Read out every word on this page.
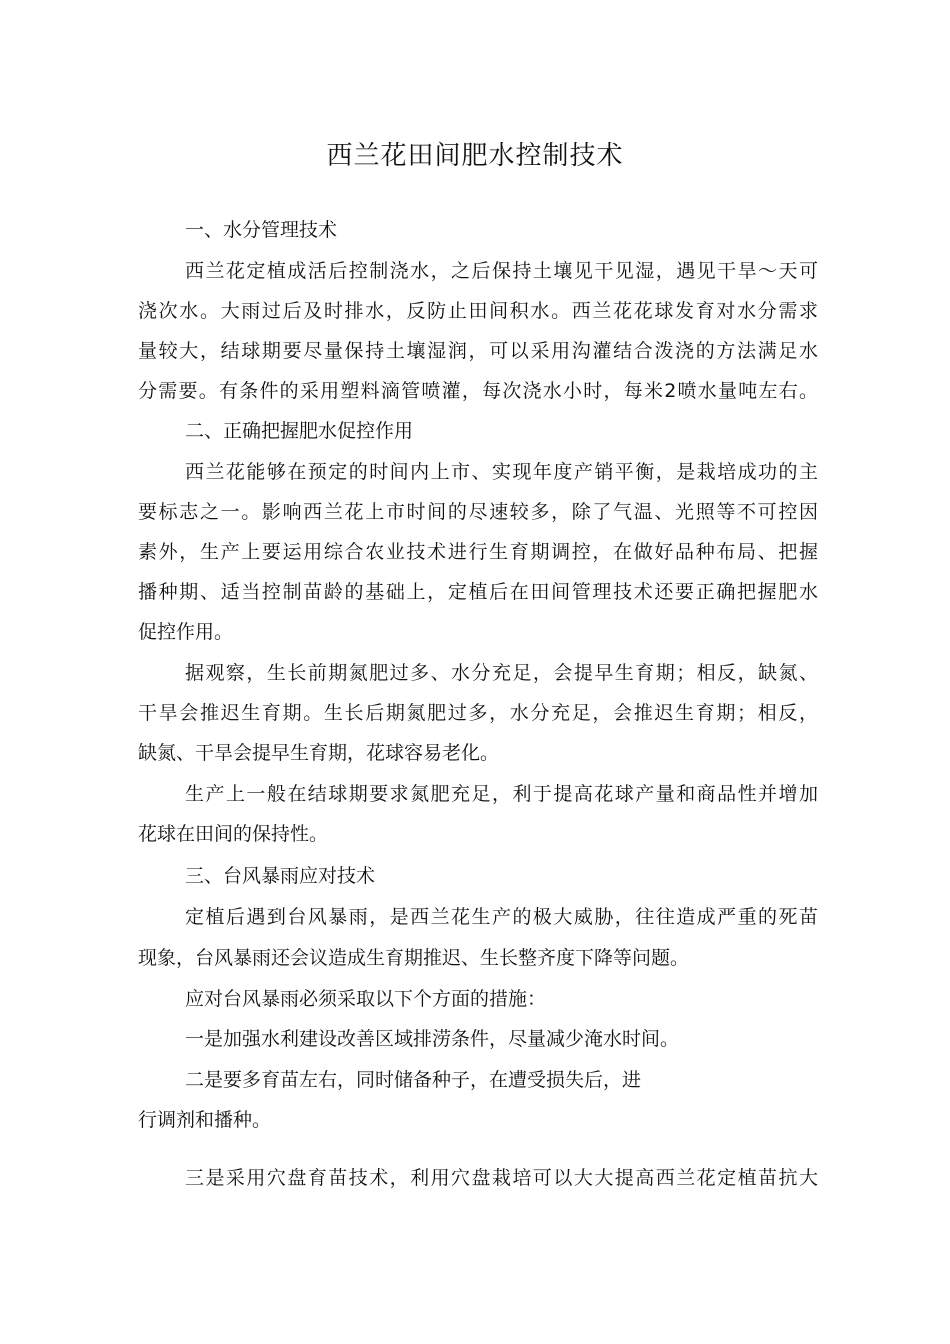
西兰花田间肥水控制技术
一、水分管理技术
西兰花定植成活后控制浇水，之后保持土壤见干见湿，遇见干旱～天可
浇次水。大雨过后及时排水，反防止田间积水。西兰花花球发育对水分需求
量较大，结球期要尽量保持土壤湿润，可以采用沟灌结合泼浇的方法满足水
分需要。有条件的采用塑料滴管喷灌，每次浇水小时，每米2喷水量吨左右。
二、正确把握肥水促控作用
西兰花能够在预定的时间内上市、实现年度产销平衡，是栽培成功的主
要标志之一。影响西兰花上市时间的尽速较多，除了气温、光照等不可控因
素外，生产上要运用综合农业技术进行生育期调控，在做好品种布局、把握
播种期、适当控制苗龄的基础上，定植后在田间管理技术还要正确把握肥水
促控作用。
据观察，生长前期氮肥过多、水分充足，会提早生育期；相反，缺氮、
干旱会推迟生育期。生长后期氮肥过多，水分充足，会推迟生育期；相反，
缺氮、干旱会提早生育期，花球容易老化。
生产上一般在结球期要求氮肥充足，利于提高花球产量和商品性并增加
花球在田间的保持性。
三、台风暴雨应对技术
定植后遇到台风暴雨，是西兰花生产的极大威胁，往往造成严重的死苗
现象，台风暴雨还会议造成生育期推迟、生长整齐度下降等问题。
应对台风暴雨必须采取以下个方面的措施：
一是加强水利建设改善区域排涝条件，尽量减少淹水时间。
二是要多育苗左右，同时储备种子，在遭受损失后，进
行调剂和播种。
三是采用穴盘育苗技术，利用穴盘栽培可以大大提高西兰花定植苗抗大
